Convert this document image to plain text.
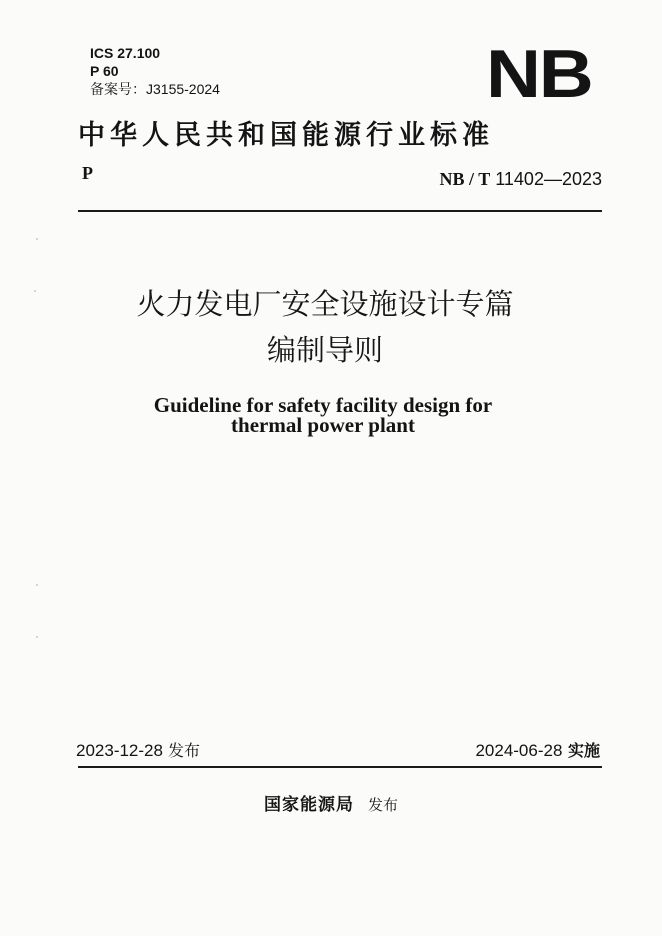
ICS 27.100
P 60
备案号：J3155-2024	NB
中华人民共和国能源行业标准
P	NB / T 11402—2023
火力发电厂安全设施设计专篇
编制导则
Guideline for safety facility design for
thermal power plant
2023-12-28 发布	2024-06-28 实施
国家能源局 发布
